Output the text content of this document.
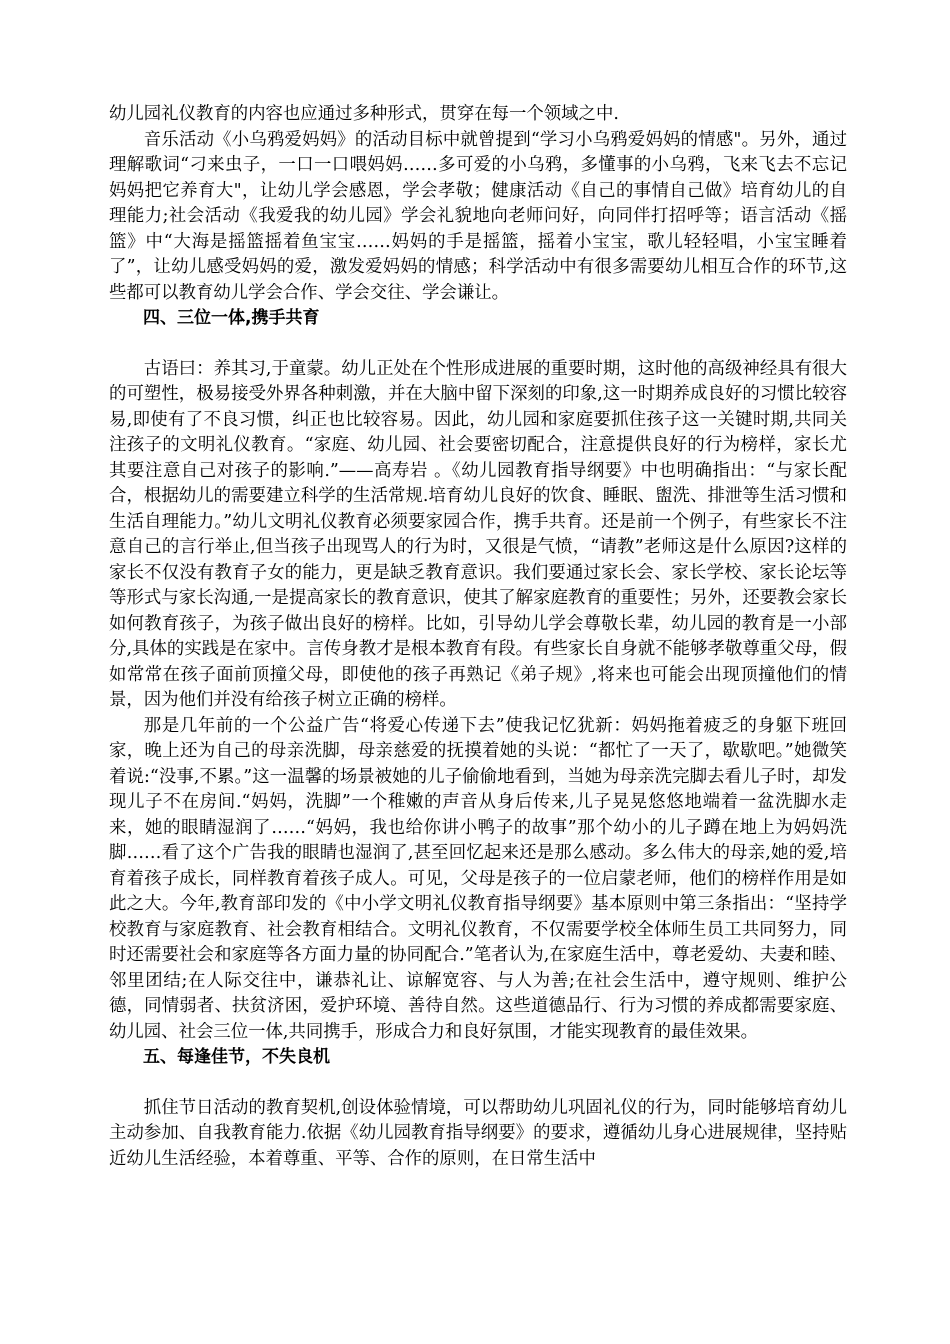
幼儿园礼仪教育的内容也应通过多种形式，贯穿在每一个领域之中.

音乐活动《小乌鸦爱妈妈》的活动目标中就曾提到“学习小乌鸦爱妈妈的情感"。另外，通过理解歌词“刁来虫子，一口一口喂妈妈……多可爱的小乌鸦，多懂事的小乌鸦，飞来飞去不忘记妈妈把它养育大"，让幼儿学会感恩，学会孝敬；健康活动《自己的事情自己做》培育幼儿的自理能力;社会活动《我爱我的幼儿园》学会礼貌地向老师问好，向同伴打招呼等；语言活动《摇篮》中“大海是摇篮摇着鱼宝宝……妈妈的手是摇篮，摇着小宝宝，歌儿轻轻唱，小宝宝睡着了”，让幼儿感受妈妈的爱，激发爱妈妈的情感；科学活动中有很多需要幼儿相互合作的环节,这些都可以教育幼儿学会合作、学会交往、学会谦让。

四、三位一体,携手共育

古语曰：养其习,于童蒙。幼儿正处在个性形成进展的重要时期，这时他的高级神经具有很大的可塑性，极易接受外界各种刺激，并在大脑中留下深刻的印象,这一时期养成良好的习惯比较容易,即使有了不良习惯，纠正也比较容易。因此，幼儿园和家庭要抓住孩子这一关键时期,共同关注孩子的文明礼仪教育。“家庭、幼儿园、社会要密切配合，注意提供良好的行为榜样，家长尤其要注意自己对孩子的影响.”——高寿岩 。《幼儿园教育指导纲要》中也明确指出：“与家长配合，根据幼儿的需要建立科学的生活常规.培育幼儿良好的饮食、睡眠、盥洗、排泄等生活习惯和生活自理能力。”幼儿文明礼仪教育必须要家园合作，携手共育。还是前一个例子，有些家长不注意自己的言行举止,但当孩子出现骂人的行为时，又很是气愤，“请教”老师这是什么原因?这样的家长不仅没有教育子女的能力，更是缺乏教育意识。我们要通过家长会、家长学校、家长论坛等等形式与家长沟通,一是提高家长的教育意识，使其了解家庭教育的重要性；另外，还要教会家长如何教育孩子，为孩子做出良好的榜样。比如，引导幼儿学会尊敬长辈，幼儿园的教育是一小部分,具体的实践是在家中。言传身教才是根本教育有段。有些家长自身就不能够孝敬尊重父母，假如常常在孩子面前顶撞父母，即使他的孩子再熟记《弟子规》,将来也可能会出现顶撞他们的情景，因为他们并没有给孩子树立正确的榜样。

那是几年前的一个公益广告“将爱心传递下去”使我记忆犹新：妈妈拖着疲乏的身躯下班回家，晚上还为自己的母亲洗脚，母亲慈爱的抚摸着她的头说：“都忙了一天了，歇歇吧。”她微笑着说:“没事,不累。”这一温馨的场景被她的儿子偷偷地看到，当她为母亲洗完脚去看儿子时，却发现儿子不在房间.“妈妈，洗脚”一个稚嫩的声音从身后传来,儿子晃晃悠悠地端着一盆洗脚水走来，她的眼睛湿润了……“妈妈，我也给你讲小鸭子的故事”那个幼小的儿子蹲在地上为妈妈洗脚……看了这个广告我的眼睛也湿润了,甚至回忆起来还是那么感动。多么伟大的母亲,她的爱,培育着孩子成长，同样教育着孩子成人。可见，父母是孩子的一位启蒙老师，他们的榜样作用是如此之大。今年,教育部印发的《中小学文明礼仪教育指导纲要》基本原则中第三条指出：“坚持学校教育与家庭教育、社会教育相结合。文明礼仪教育，不仅需要学校全体师生员工共同努力，同时还需要社会和家庭等各方面力量的协同配合.”笔者认为,在家庭生活中，尊老爱幼、夫妻和睦、邻里团结;在人际交往中，谦恭礼让、谅解宽容、与人为善;在社会生活中，遵守规则、维护公德，同情弱者、扶贫济困，爱护环境、善待自然。这些道德品行、行为习惯的养成都需要家庭、幼儿园、社会三位一体,共同携手，形成合力和良好氛围，才能实现教育的最佳效果。

五、每逢佳节，不失良机

抓住节日活动的教育契机,创设体验情境，可以帮助幼儿巩固礼仪的行为，同时能够培育幼儿主动参加、自我教育能力.依据《幼儿园教育指导纲要》的要求，遵循幼儿身心进展规律，坚持贴近幼儿生活经验，本着尊重、平等、合作的原则，在日常生活中
